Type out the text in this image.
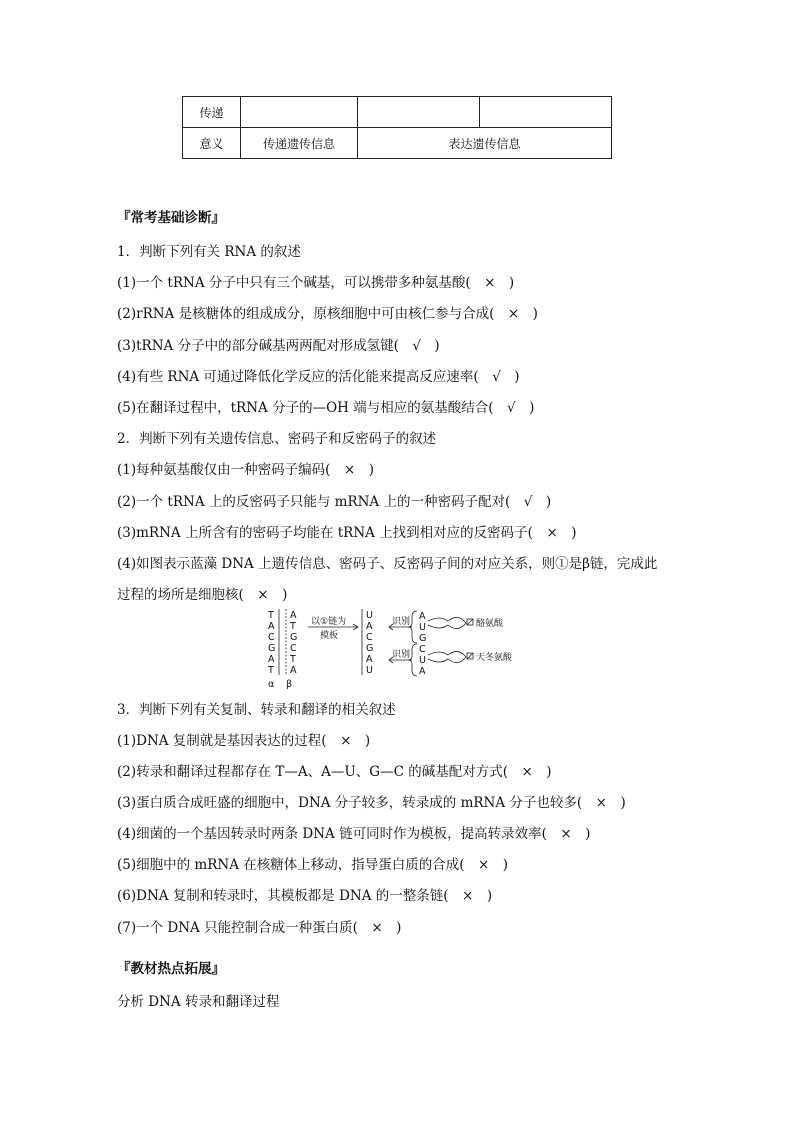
传递			
意义	传递遗传信息	表达遗传信息	
『常考基础诊断』
1．判断下列有关 RNA 的叙述
(1)一个 tRNA 分子中只有三个碱基，可以携带多种氨基酸(　×　)
(2)rRNA 是核糖体的组成成分，原核细胞中可由核仁参与合成(　×　)
(3)tRNA 分子中的部分碱基两两配对形成氢键(　√　)
(4)有些 RNA 可通过降低化学反应的活化能来提高反应速率(　√　)
(5)在翻译过程中，tRNA 分子的—OH 端与相应的氨基酸结合(　√　)
2．判断下列有关遗传信息、密码子和反密码子的叙述
(1)每种氨基酸仅由一种密码子编码(　×　)
(2)一个 tRNA 上的反密码子只能与 mRNA 上的一种密码子配对(　√　)
(3)mRNA 上所含有的密码子均能在 tRNA 上找到相对应的反密码子(　×　)
(4)如图表示蓝藻 DNA 上遗传信息、密码子、反密码子间的对应关系，则①是β链，完成此
过程的场所是细胞核(　×　)
T
A
C
G
A
T
A
T
G
C
T
A
α β
以①链为
模板
识别
识别
酪氨酸
天冬氨酸
U
A
C
G
A
U
A
U
G
C
U
A
3．判断下列有关复制、转录和翻译的相关叙述
(1)DNA 复制就是基因表达的过程(　×　)
(2)转录和翻译过程都存在 T—A、A—U、G—C 的碱基配对方式(　×　)
(3)蛋白质合成旺盛的细胞中，DNA 分子较多，转录成的 mRNA 分子也较多(　×　)
(4)细菌的一个基因转录时两条 DNA 链可同时作为模板，提高转录效率(　×　)
(5)细胞中的 mRNA 在核糖体上移动，指导蛋白质的合成(　×　)
(6)DNA 复制和转录时，其模板都是 DNA 的一整条链(　×　)
(7)一个 DNA 只能控制合成一种蛋白质(　×　)
『教材热点拓展』
分析 DNA 转录和翻译过程
